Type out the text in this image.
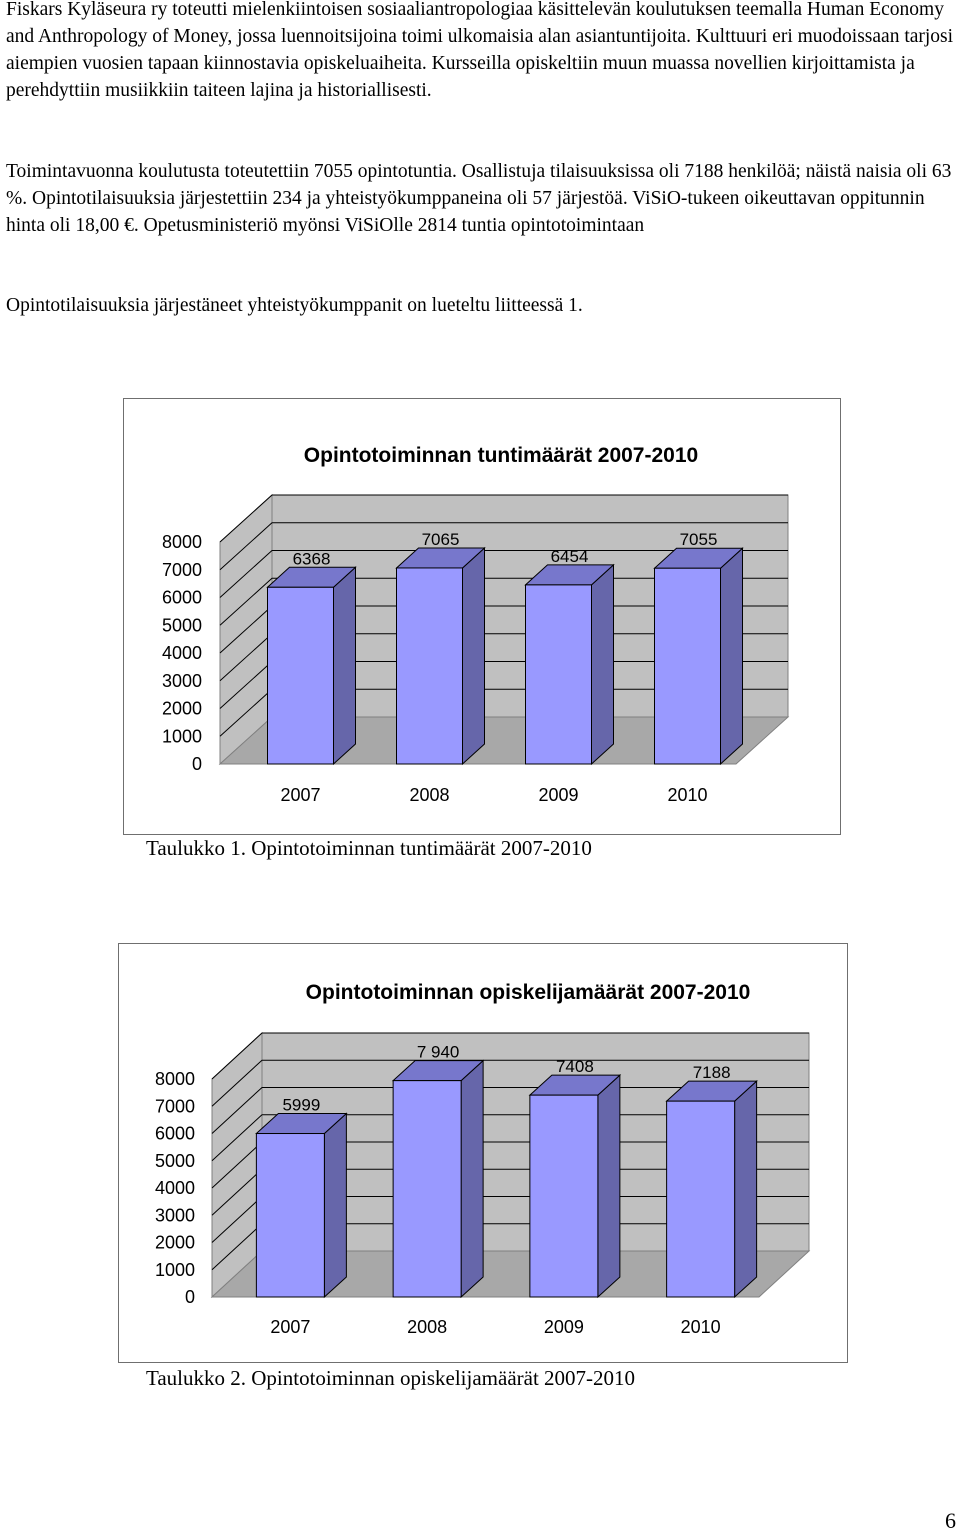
Fiskars Kyläseura ry toteutti mielenkiintoisen sosiaaliantropologiaa käsittelevän koulutuksen teemalla Human Economy and Anthropology of Money, jossa luennoitsijoina toimi ulkomaisia alan asiantuntijoita. Kulttuuri eri muodoissaan tarjosi aiempien vuosien tapaan kiinnostavia opiskeluaiheita. Kursseilla opiskeltiin muun muassa novellien kirjoittamista ja perehdyttiin musiikkiin taiteen lajina ja historiallisesti.

Toimintavuonna koulutusta toteutettiin 7055 opintotuntia. Osallistuja tilaisuuksissa oli 7188 henkilöä; näistä naisia oli 63 %. Opintotilaisuuksia järjestettiin 234 ja yhteistyökumppaneina oli 57 järjestöä. ViSiO-tukeen oikeuttavan oppitunnin hinta oli 18,00 €. Opetusministeriö myönsi ViSiOlle 2814 tuntia opintotoimintaan

Opintotilaisuuksia järjestäneet yhteistyökumppanit on lueteltu liitteessä 1.

Opintotoiminnan tuntimäärät 2007-2010
0
1000
2000
3000
4000
5000
6000
7000
8000
6368
2007
7065
2008
6454
2009
7055
2010
Taulukko 1. Opintotoiminnan tuntimäärät 2007-2010
Opintotoiminnan opiskelijamäärät 2007-2010
0
1000
2000
3000
4000
5000
6000
7000
8000
5999
2007
7 940
2008
7408
2009
7188
2010
Taulukko 2. Opintotoiminnan opiskelijamäärät 2007-2010
6
